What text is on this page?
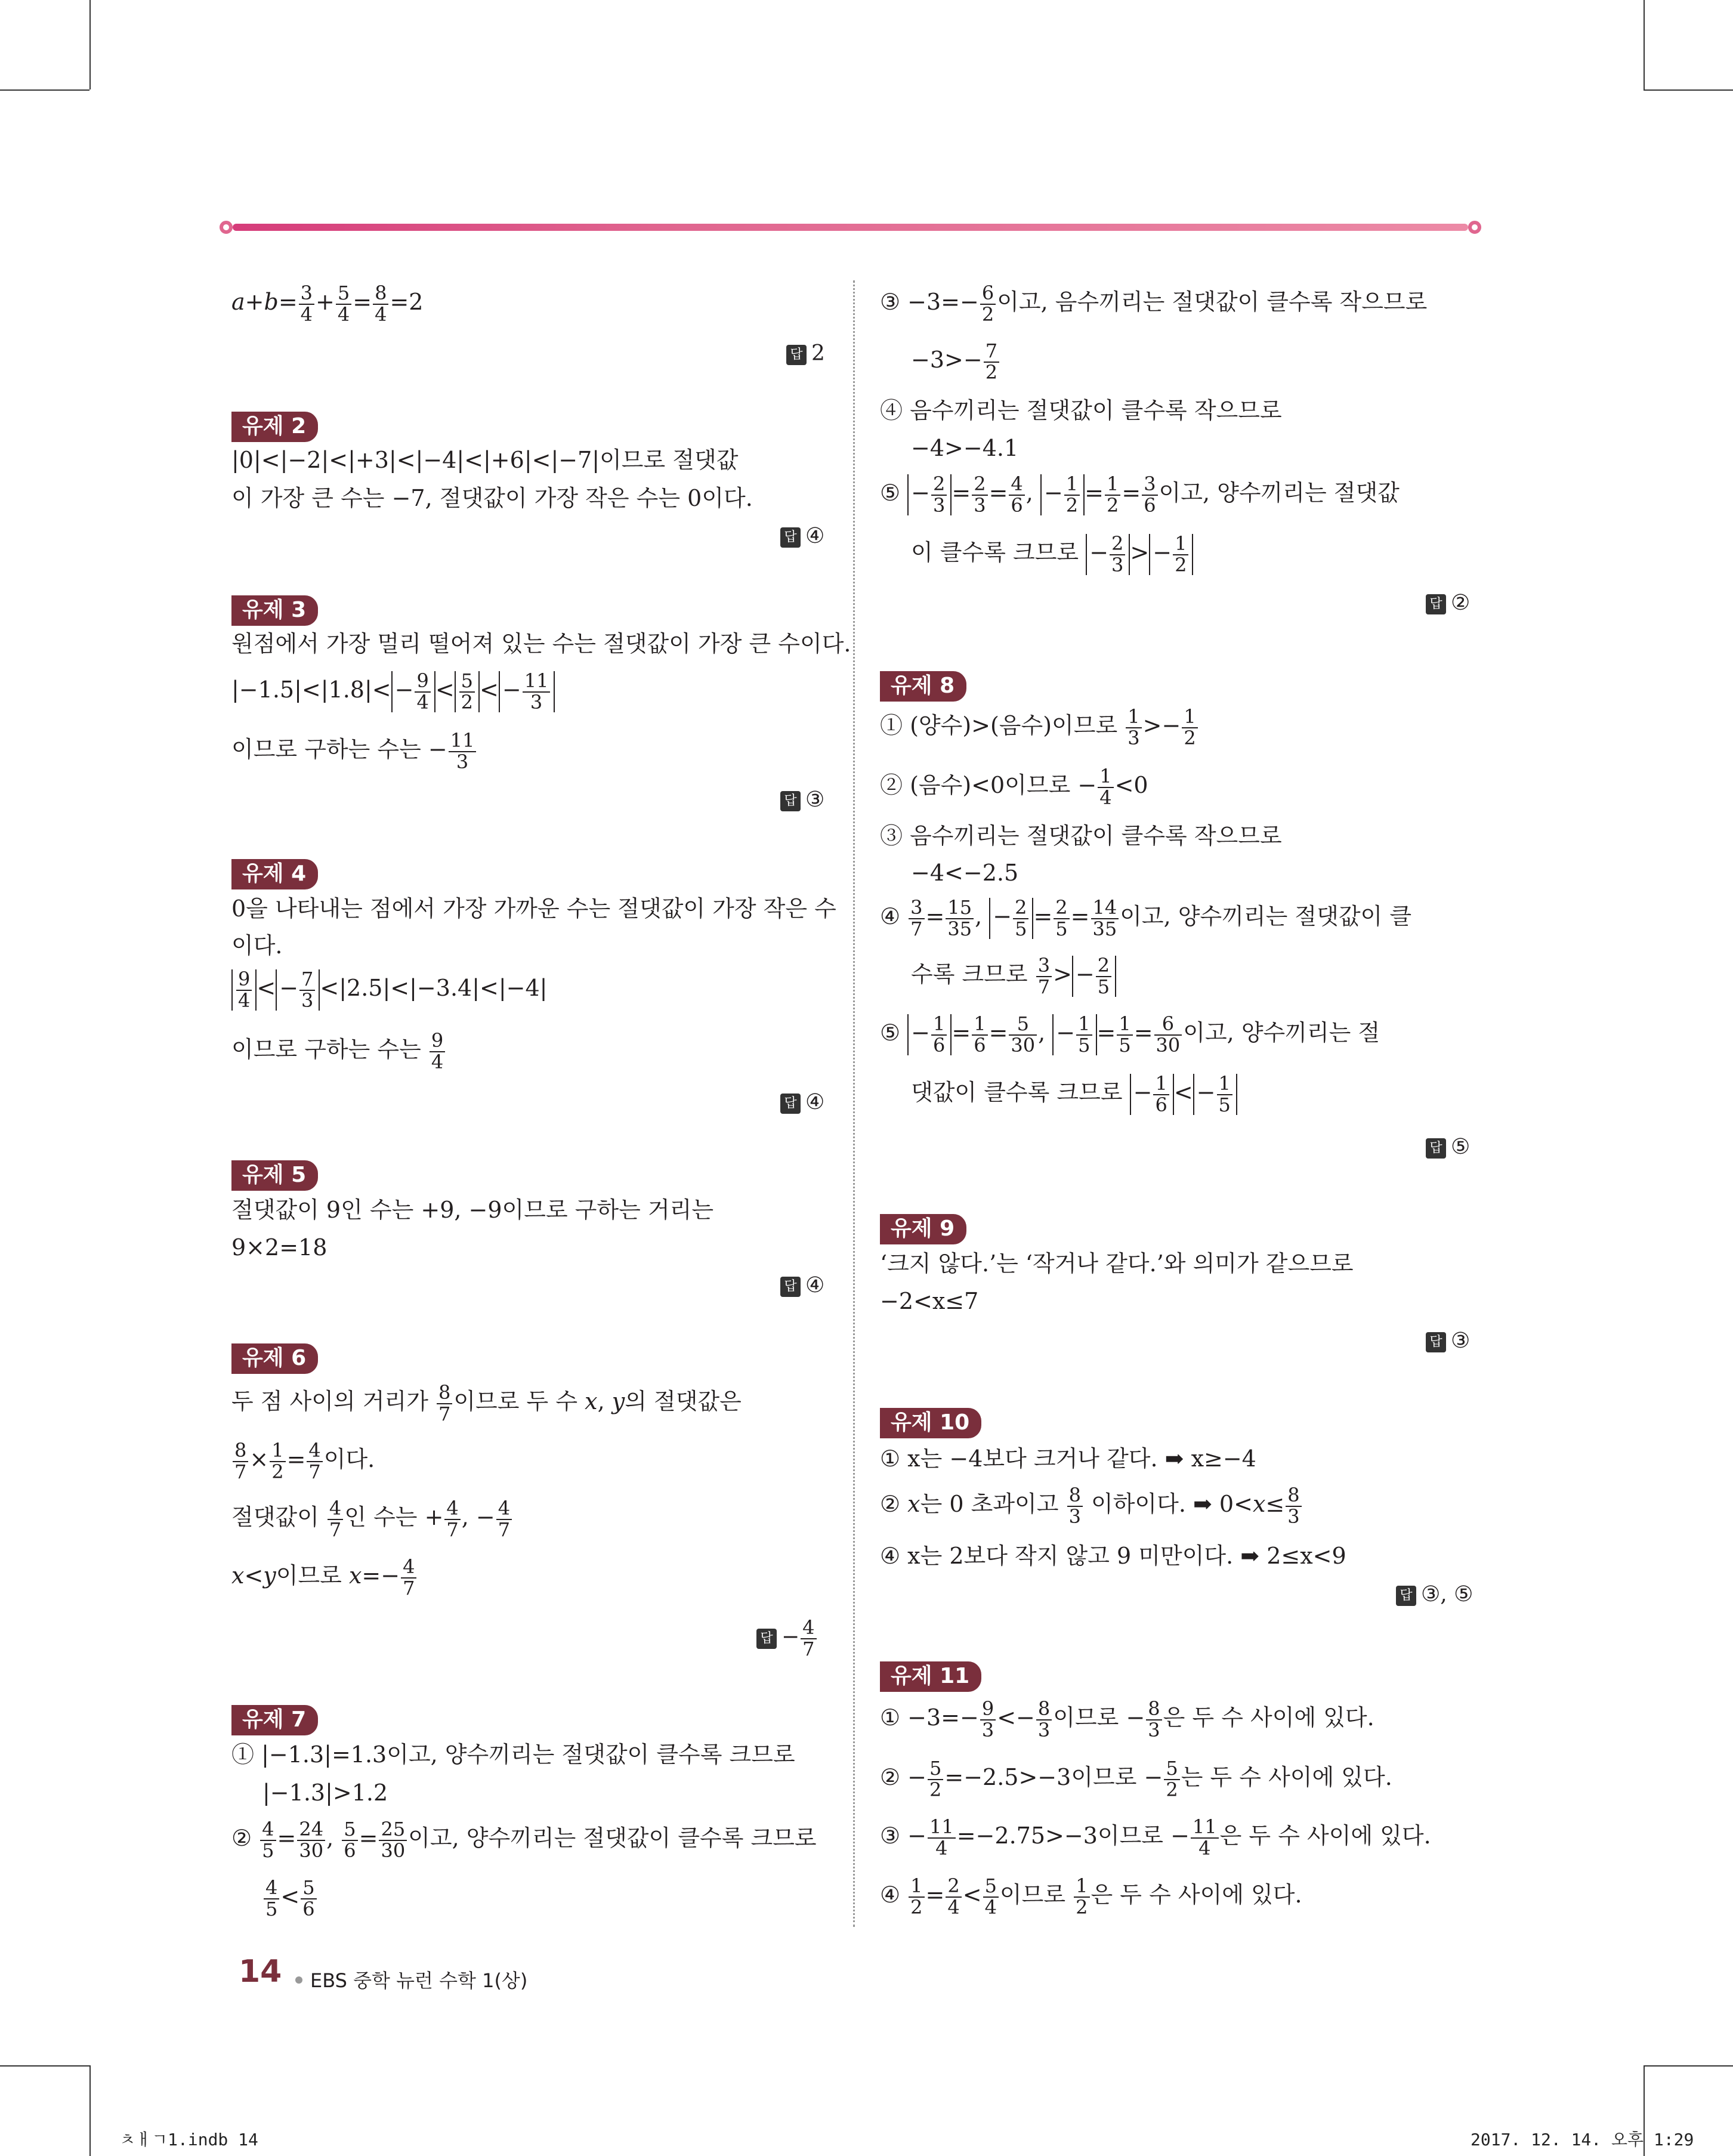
$a+b= \frac{3}{4} + \frac{5}{4} = \frac{8}{4} =2$
답 2
유제 2
|0|<|−2|<|+3|<|−4|<|+6|<|−7|이므로 절댓값
이 가장 큰 수는 −7, 절댓값이 가장 작은 수는 0이다.
답 ④
유제 3
원점에서 가장 멀리 떨어져 있는 수는 절댓값이 가장 큰 수이다.
$|-1.5|<|1.8|< - \frac{9}{4} < \frac{5}{2}$ < − $\frac{11}{3}$
이므로 구하는 수는 − $\frac{11}{3}$
답 ③
유제 4
0을 나타내는 점에서 가장 가까운 수는 절댓값이 가장 작은 수
이다.
$\frac{9}{4}$ < − $\frac{7}{3} <|2.5|<|-3.4|<|-4|$
이므로 구하는 수는 $\frac{9}{4}$
답 ④
유제 5
절댓값이 9인 수는 +9, −9이므로 구하는 거리는
9×2=18
답 ④
유제 6
두 점 사이의 거리가 $\frac{8}{7}$ 이므로 두 수 x, y의 절댓값은
$\frac{8}{7} \times \frac{1}{2} = \frac{4}{7}$ 이다.
절댓값이 $\frac{4}{7}$ 인 수는 + $\frac{4}{7}$ , − $\frac{4}{7}$
x<y이므로 $x=- \frac{4}{7}$
답 − $\frac{4}{7}$
유제 7
① |−1.3|=1.3이고, 양수끼리는 절댓값이 클수록 크므로
|−1.3|>1.2
② $\frac{4}{5} = \frac{24}{30}$ , $\frac{5}{6} = \frac{25}{30}$ 이고, 양수끼리는 절댓값이 클수록 크므로
$\frac{4}{5} < \frac{5}{6}$
③ $-3=- \frac{6}{2}$ 이고, 음수끼리는 절댓값이 클수록 작으므로
$-3>- \frac{7}{2}$
④ 음수끼리는 절댓값이 클수록 작으므로
−4>−4.1
⑤ − $\frac{2}{3} = \frac{2}{3} = \frac{4}{6}$ , − $\frac{1}{2} = \frac{1}{2} = \frac{3}{6}$ 이고, 양수끼리는 절댓값
이 클수록 크므로 − $\frac{2}{3}$ > − $\frac{1}{2}$
답 ②
유제 8
① (양수)>(음수)이므로 $\frac{1}{3} >- \frac{1}{2}$
② (음수)<0이므로 − $\frac{1}{4} <0$
③ 음수끼리는 절댓값이 클수록 작으므로
−4<−2.5
④ $\frac{3}{7} = \frac{15}{35}$ , − $\frac{2}{5} = \frac{2}{5} = \frac{14}{35}$ 이고, 양수끼리는 절댓값이 클
수록 크므로 $\frac{3}{7}$ > − $\frac{2}{5}$
⑤ − $\frac{1}{6} = \frac{1}{6} = \frac{5}{30}$ , − $\frac{1}{5} = \frac{1}{5} = \frac{6}{30}$ 이고, 양수끼리는 절
댓값이 클수록 크므로 − $\frac{1}{6}$ < − $\frac{1}{5}$
답 ⑤
유제 9
‘크지 않다.’는 ‘작거나 같다.’와 의미가 같으므로
−2<x≤7
답 ③
유제 10
① x는 −4보다 크거나 같다. ➡ x≥−4
② x는 0 초과이고 $\frac{8}{3}$ 이하이다. ➡ $0<x\le \frac{8}{3}$
④ x는 2보다 작지 않고 9 미만이다. ➡ 2≤x<9
답 ③, ⑤
유제 11
① $-3=- \frac{9}{3} <- \frac{8}{3}$ 이므로 − $\frac{8}{3}$ 은 두 수 사이에 있다.
② − $\frac{5}{2} =-2.5>-3$이므로 − $\frac{5}{2}$ 는 두 수 사이에 있다.
③ − $\frac{11}{4} =-2.75>-3$이므로 − $\frac{11}{4}$ 은 두 수 사이에 있다.
④ $\frac{1}{2} = \frac{2}{4} < \frac{5}{4}$ 이므로 $\frac{1}{2}$ 은 두 수 사이에 있다.
14 EBS 중학 뉴런 수학 1(상)
ㅊㅐㄱ1.indb 14	2017. 12. 14. 오후 1:29
